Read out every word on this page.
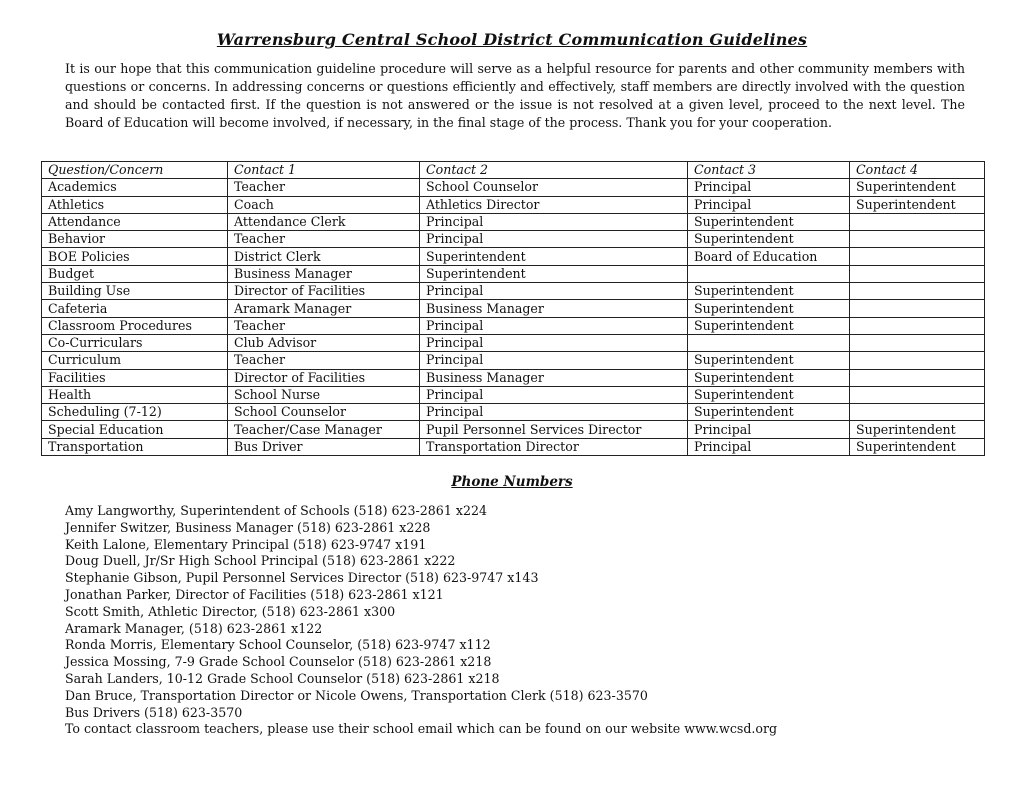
Warrensburg Central School District Communication Guidelines
It is our hope that this communication guideline procedure will serve as a helpful resource for parents and other community members with questions or concerns. In addressing concerns or questions efficiently and effectively, staff members are directly involved with the question and should be contacted first. If the question is not answered or the issue is not resolved at a given level, proceed to the next level. The Board of Education will become involved, if necessary, in the final stage of the process. Thank you for your cooperation.
Question/Concern	Contact 1	Contact 2	Contact 3	Contact 4
Academics	Teacher	School Counselor	Principal	Superintendent
Athletics	Coach	Athletics Director	Principal	Superintendent
Attendance	Attendance Clerk	Principal	Superintendent	
Behavior	Teacher	Principal	Superintendent	
BOE Policies	District Clerk	Superintendent	Board of Education	
Budget	Business Manager	Superintendent		
Building Use	Director of Facilities	Principal	Superintendent	
Cafeteria	Aramark Manager	Business Manager	Superintendent	
Classroom Procedures	Teacher	Principal	Superintendent	
Co-Curriculars	Club Advisor	Principal		
Curriculum	Teacher	Principal	Superintendent	
Facilities	Director of Facilities	Business Manager	Superintendent	
Health	School Nurse	Principal	Superintendent	
Scheduling (7-12)	School Counselor	Principal	Superintendent	
Special Education	Teacher/Case Manager	Pupil Personnel Services Director	Principal	Superintendent
Transportation	Bus Driver	Transportation Director	Principal	Superintendent
Phone Numbers
Amy Langworthy, Superintendent of Schools (518) 623-2861 x224
Jennifer Switzer, Business Manager (518) 623-2861 x228
Keith Lalone, Elementary Principal (518) 623-9747 x191
Doug Duell, Jr/Sr High School Principal (518) 623-2861 x222
Stephanie Gibson, Pupil Personnel Services Director (518) 623-9747 x143
Jonathan Parker, Director of Facilities (518) 623-2861 x121
Scott Smith, Athletic Director, (518) 623-2861 x300
Aramark Manager, (518) 623-2861 x122
Ronda Morris, Elementary School Counselor, (518) 623-9747 x112
Jessica Mossing, 7-9 Grade School Counselor (518) 623-2861 x218
Sarah Landers, 10-12 Grade School Counselor (518) 623-2861 x218
Dan Bruce, Transportation Director or Nicole Owens, Transportation Clerk (518) 623-3570
Bus Drivers (518) 623-3570
To contact classroom teachers, please use their school email which can be found on our website www.wcsd.org
